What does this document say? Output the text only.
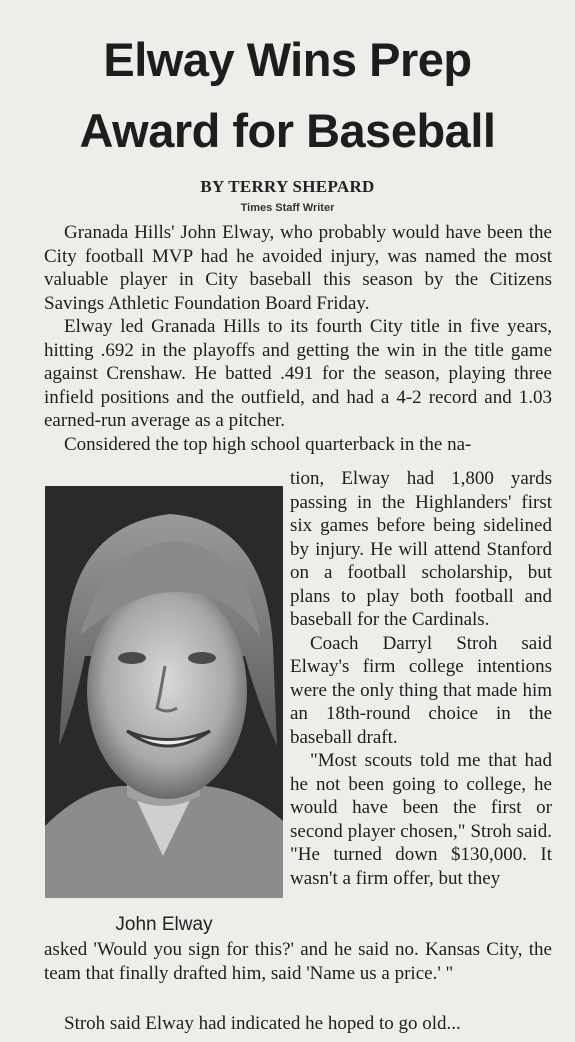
Elway Wins Prep
Award for Baseball
BY TERRY SHEPARD
Times Staff Writer

Granada Hills' John Elway, who probably would have been the City football MVP had he avoided injury, was named the most valuable player in City baseball this season by the Citizens Savings Athletic Foundation Board Friday.

Elway led Granada Hills to its fourth City title in five years, hitting .692 in the playoffs and getting the win in the title game against Crenshaw. He batted .491 for the season, playing three infield positions and the outfield, and had a 4-2 record and 1.03 earned-run average as a pitcher.

Considered the top high school quarterback in the na-

tion, Elway had 1,800 yards passing in the Highlanders' first six games before being sidelined by injury. He will attend Stanford on a football scholarship, but plans to play both football and baseball for the Cardinals.

Coach Darryl Stroh said Elway's firm college intentions were the only thing that made him an 18th-round choice in the baseball draft.

"Most scouts told me that had he not been going to college, he would have been the first or second player chosen," Stroh said. "He turned down $130,000. It wasn't a firm offer, but they

John Elway

asked 'Would you sign for this?' and he said no. Kansas City, the team that finally drafted him, said 'Name us a price.' "

Stroh said Elway had indicated he hoped to go old...
